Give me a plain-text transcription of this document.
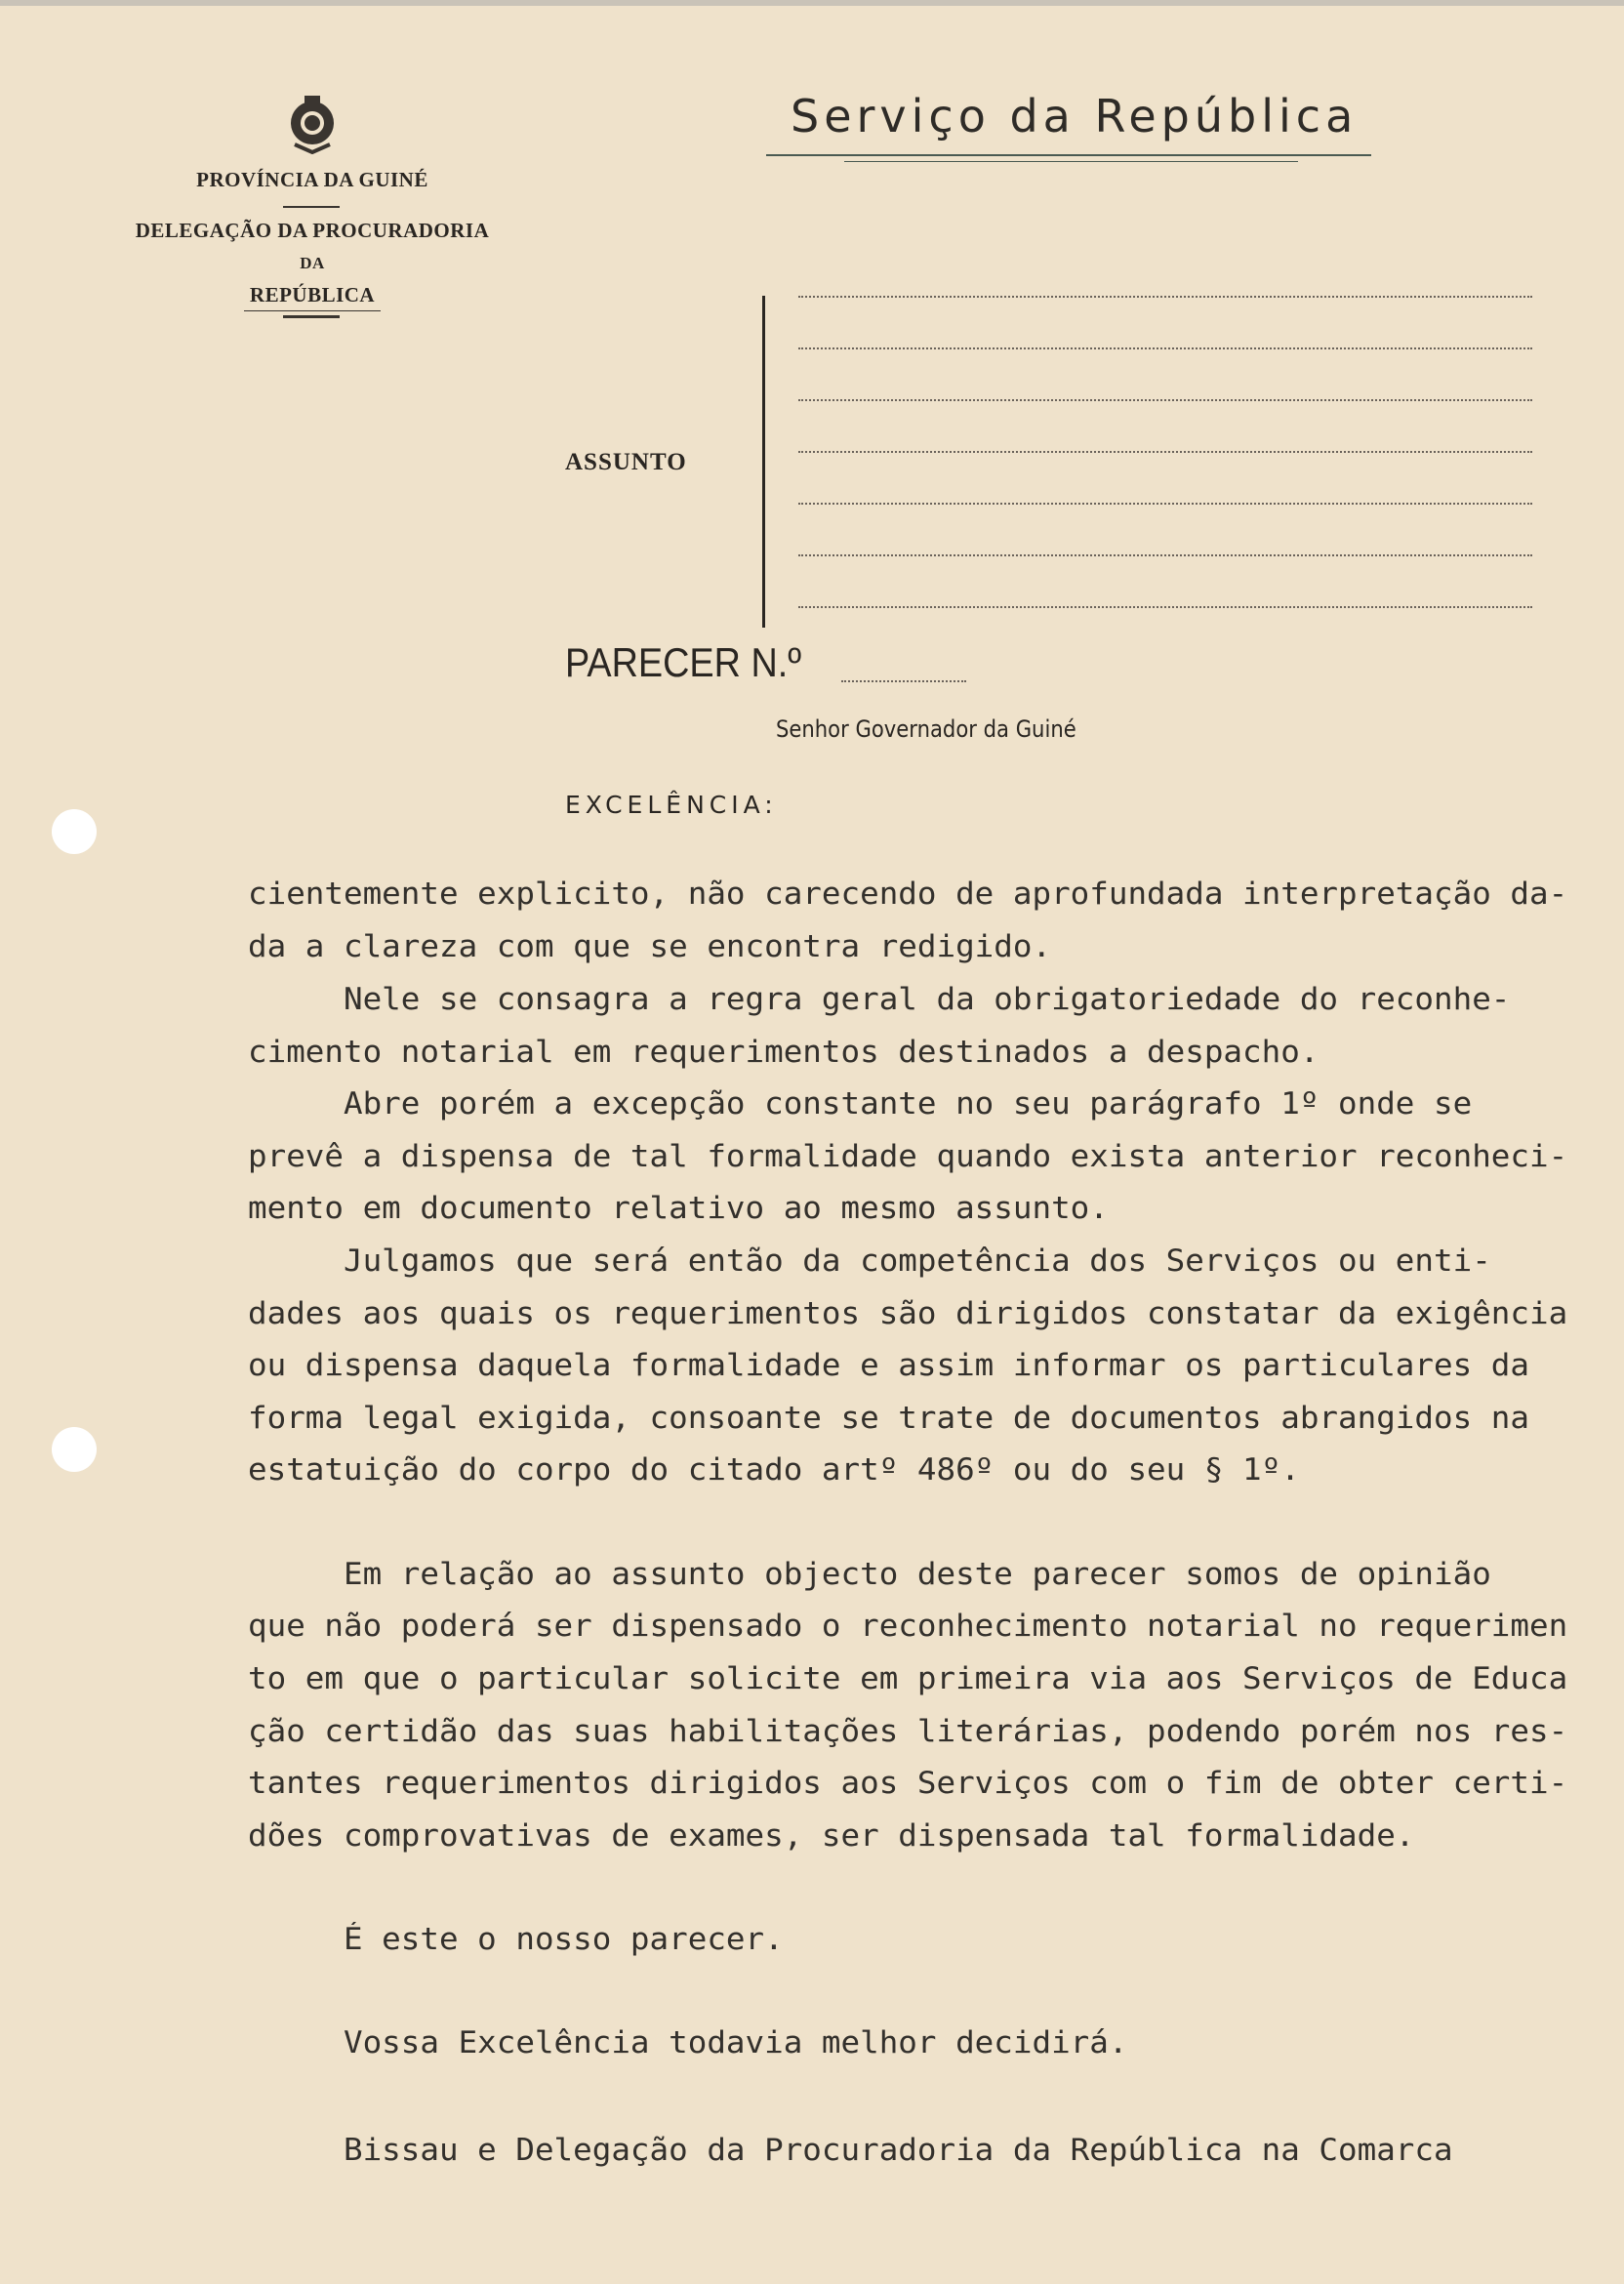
PROVÍNCIA DA GUINÉ
DELEGAÇÃO DA PROCURADORIA
DA
REPÚBLICA
Serviço da República
ASSUNTO
PARECER N.º
Senhor Governador da Guiné
EXCELÊNCIA:
cientemente explicito, não carecendo de aprofundada interpretação da-
da a clareza com que se encontra redigido.
Nele se consagra a regra geral da obrigatoriedade do reconhe-
cimento notarial em requerimentos destinados a despacho.
Abre porém a excepção constante no seu parágrafo 1º onde se
prevê a dispensa de tal formalidade quando exista anterior reconheci-
mento em documento relativo ao mesmo assunto.
Julgamos que será então da competência dos Serviços ou enti-
dades aos quais os requerimentos são dirigidos constatar da exigência
ou dispensa daquela formalidade e assim informar os particulares da
forma legal exigida, consoante se trate de documentos abrangidos na
estatuição do corpo do citado artº 486º ou do seu § 1º.
Em relação ao assunto objecto deste parecer somos de opinião
que não poderá ser dispensado o reconhecimento notarial no requerimen
to em que o particular solicite em primeira via aos Serviços de Educa
ção certidão das suas habilitações literárias, podendo porém nos res-
tantes requerimentos dirigidos aos Serviços com o fim de obter certi-
dões comprovativas de exames, ser dispensada tal formalidade.
É este o nosso parecer.
Vossa Excelência todavia melhor decidirá.
Bissau e Delegação da Procuradoria da República na Comarca
